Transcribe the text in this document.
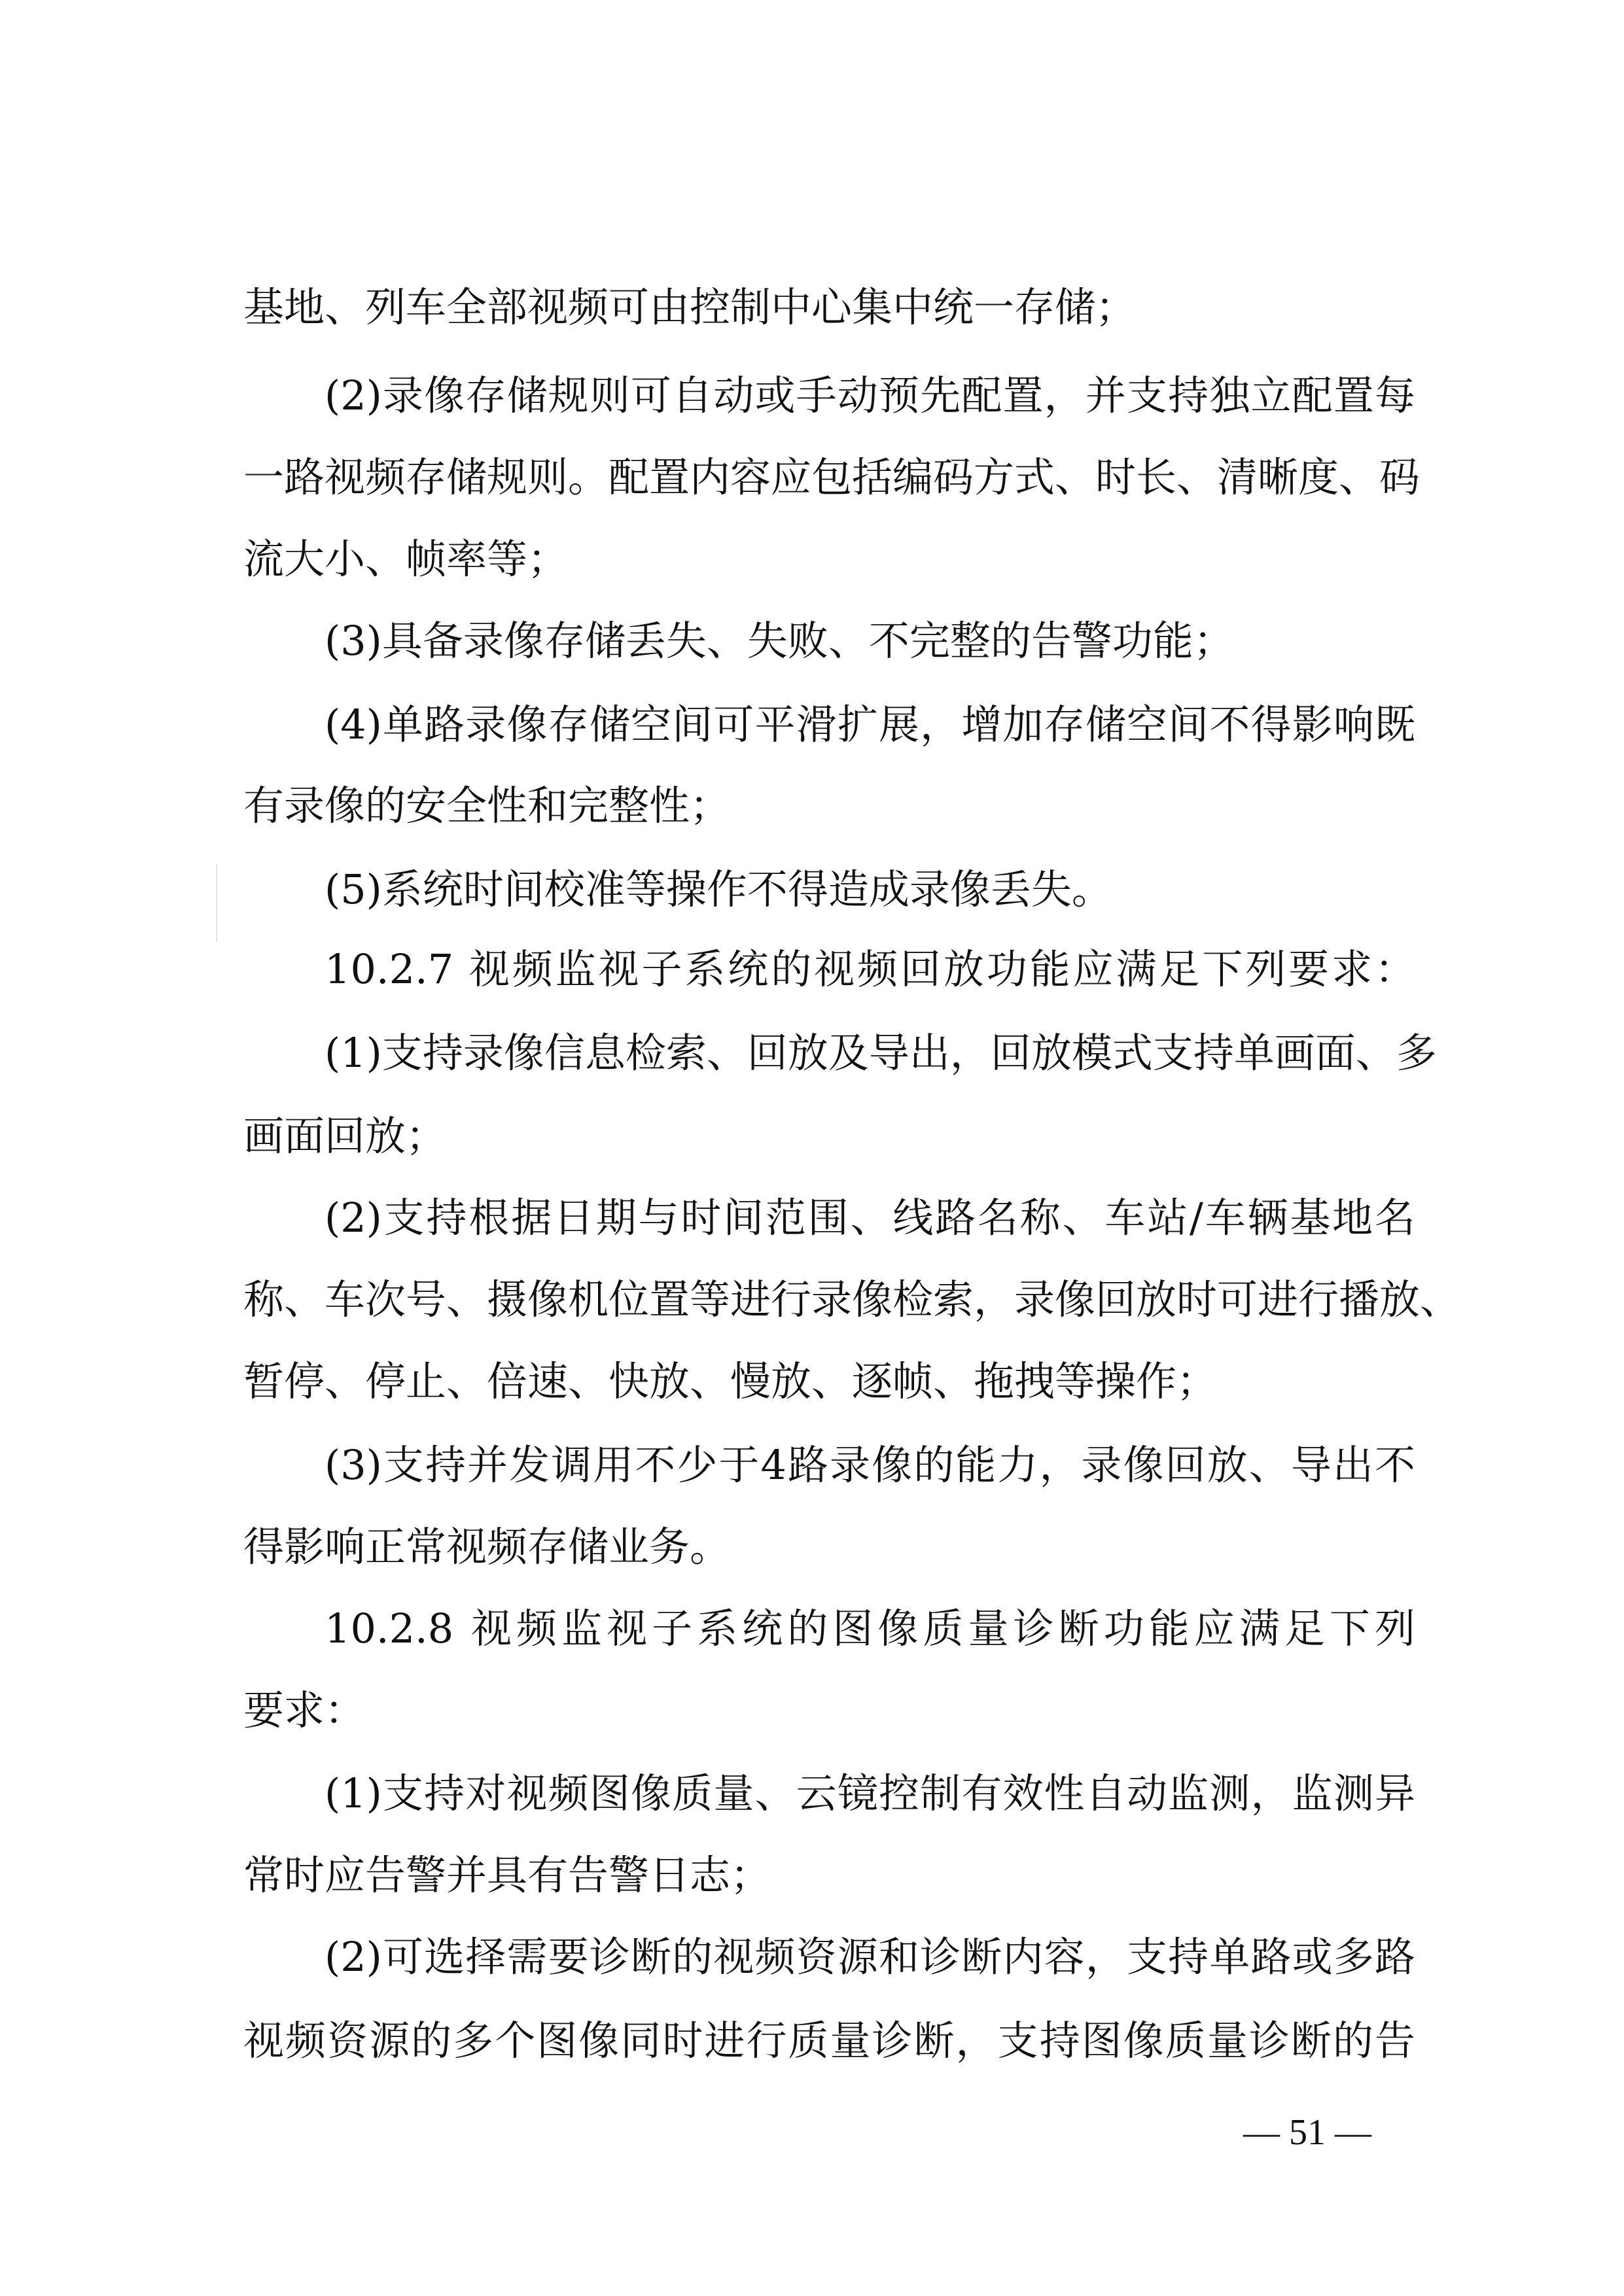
基地、列车全部视频可由控制中心集中统一存储；
(2)录像存储规则可自动或手动预先配置，并支持独立配置每
一路视频存储规则。配置内容应包括编码方式、时长、清晰度、码
流大小、帧率等；
(3)具备录像存储丢失、失败、不完整的告警功能；
(4)单路录像存储空间可平滑扩展，增加存储空间不得影响既
有录像的安全性和完整性；
(5)系统时间校准等操作不得造成录像丢失。
10.2.7 视频监视子系统的视频回放功能应满足下列要求：
(1)支持录像信息检索、回放及导出，回放模式支持单画面、多
画面回放；
(2)支持根据日期与时间范围、线路名称、车站/车辆基地名
称、车次号、摄像机位置等进行录像检索，录像回放时可进行播放、
暂停、停止、倍速、快放、慢放、逐帧、拖拽等操作；
(3)支持并发调用不少于4路录像的能力，录像回放、导出不
得影响正常视频存储业务。
10.2.8 视频监视子系统的图像质量诊断功能应满足下列
要求：
(1)支持对视频图像质量、云镜控制有效性自动监测，监测异
常时应告警并具有告警日志；
(2)可选择需要诊断的视频资源和诊断内容，支持单路或多路
视频资源的多个图像同时进行质量诊断，支持图像质量诊断的告
— 51 —
